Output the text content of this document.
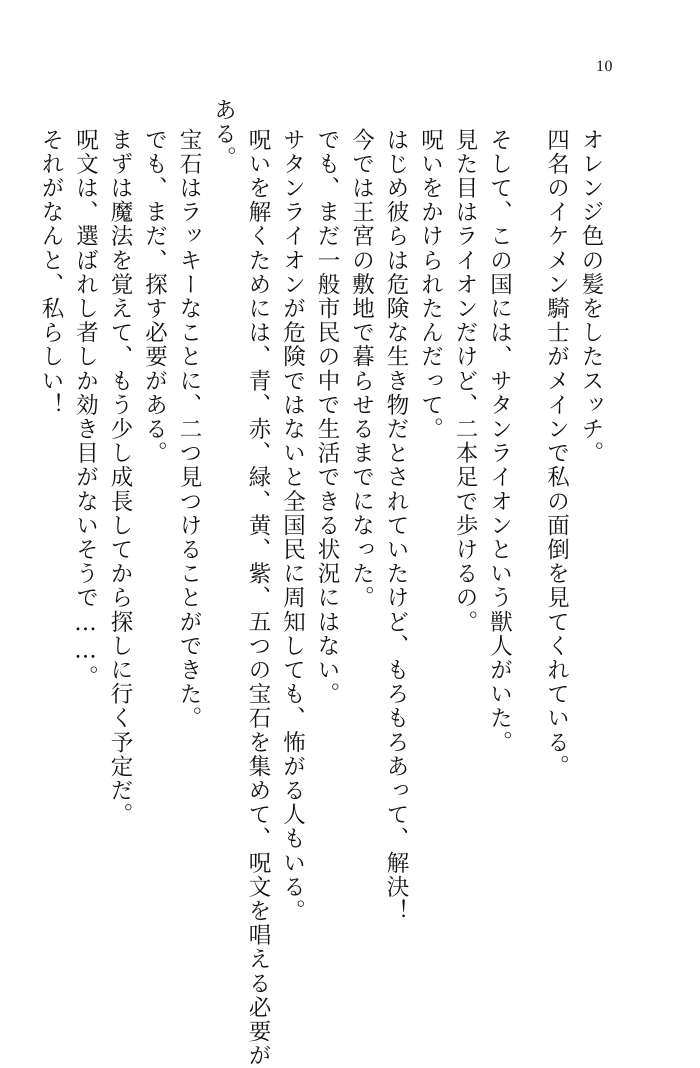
10
オレンジ色の髪をしたスッチ。
四名のイケメン騎士がメインで私の面倒を見てくれている。
そして、この国には、サタンライオンという獣人がいた。
見た目はライオンだけど、二本足で歩けるの。
呪いをかけられたんだって。
はじめ彼らは危険な生き物だとされていたけど、もろもろあって、解決！
今では王宮の敷地で暮らせるまでになった。
でも、まだ一般市民の中で生活できる状況にはない。
サタンライオンが危険ではないと全国民に周知しても、怖がる人もいる。
呪いを解くためには、青、赤、緑、黄、紫、五つの宝石を集めて、呪文を唱える必要が
ある。
宝石はラッキーなことに、二つ見つけることができた。
でも、まだ、探す必要がある。
まずは魔法を覚えて、もう少し成長してから探しに行く予定だ。
呪文は、選ばれし者しか効き目がないそうで……。
それがなんと、私らしい！
